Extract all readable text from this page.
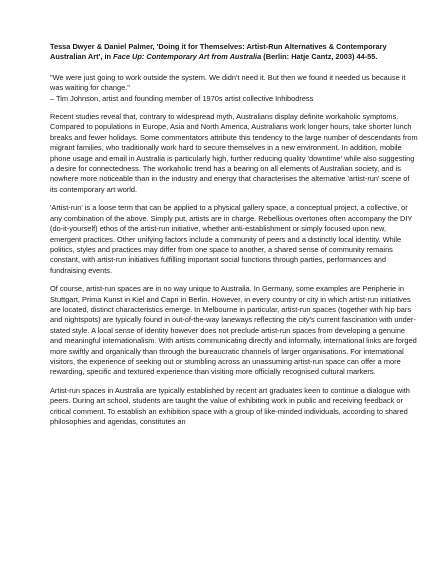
Tessa Dwyer & Daniel Palmer, 'Doing it for Themselves: Artist-Run Alternatives & Contemporary Australian Art', in Face Up: Contemporary Art from Australia (Berlin: Hatje Cantz, 2003) 44-55.

"We were just going to work outside the system. We didn't need it. But then we found it needed us because it was waiting for change."
– Tim Johnson, artist and founding member of 1970s artist collective Inhibodress

Recent studies reveal that, contrary to widespread myth, Australians display definite workaholic symptoms. Compared to populations in Europe, Asia and North America, Australians work longer hours, take shorter lunch breaks and fewer holidays. Some commentators attribute this tendency to the large number of descendants from migrant families, who traditionally work hard to secure themselves in a new environment. In addition, mobile phone usage and email in Australia is particularly high, further reducing quality 'downtime' while also suggesting a desire for connectedness. The workaholic trend has a bearing on all elements of Australian society, and is nowhere more noticeable than in the industry and energy that characterises the alternative 'artist-run' scene of its contemporary art world.

'Artist-run' is a loose term that can be applied to a physical gallery space, a conceptual project, a collective, or any combination of the above. Simply put, artists are in charge. Rebellious overtones often accompany the DIY (do-it-yourself) ethos of the artist-run initiative, whether anti-establishment or simply focused upon new, emergent practices. Other unifying factors include a community of peers and a distinctly local identity. While politics, styles and practices may differ from one space to another, a shared sense of community remains constant, with artist-run initiatives fulfilling important social functions through parties, performances and fundraising events.

Of course, artist-run spaces are in no way unique to Australia. In Germany, some examples are Peripherie in Stuttgart, Prima Kunst in Kiel and Capri in Berlin. However, in every country or city in which artist-run initiatives are located, distinct characteristics emerge. In Melbourne in particular, artist-run spaces (together with hip bars and nightspots) are typically found in out-of-the-way laneways reflecting the city's current fascination with under-stated style. A local sense of identity however does not preclude artist-run spaces from developing a genuine and meaningful internationalism. With artists communicating directly and informally, international links are forged more swiftly and organically than through the bureaucratic channels of larger organisations. For international visitors, the experience of seeking out or stumbling across an unassuming artist-run space can offer a more rewarding, specific and textured experience than visiting more officially recognised cultural markers.

Artist-run spaces in Australia are typically established by recent art graduates keen to continue a dialogue with peers. During art school, students are taught the value of exhibiting work in public and receiving feedback or critical comment. To establish an exhibition space with a group of like-minded individuals, according to shared philosophies and agendas, constitutes an
